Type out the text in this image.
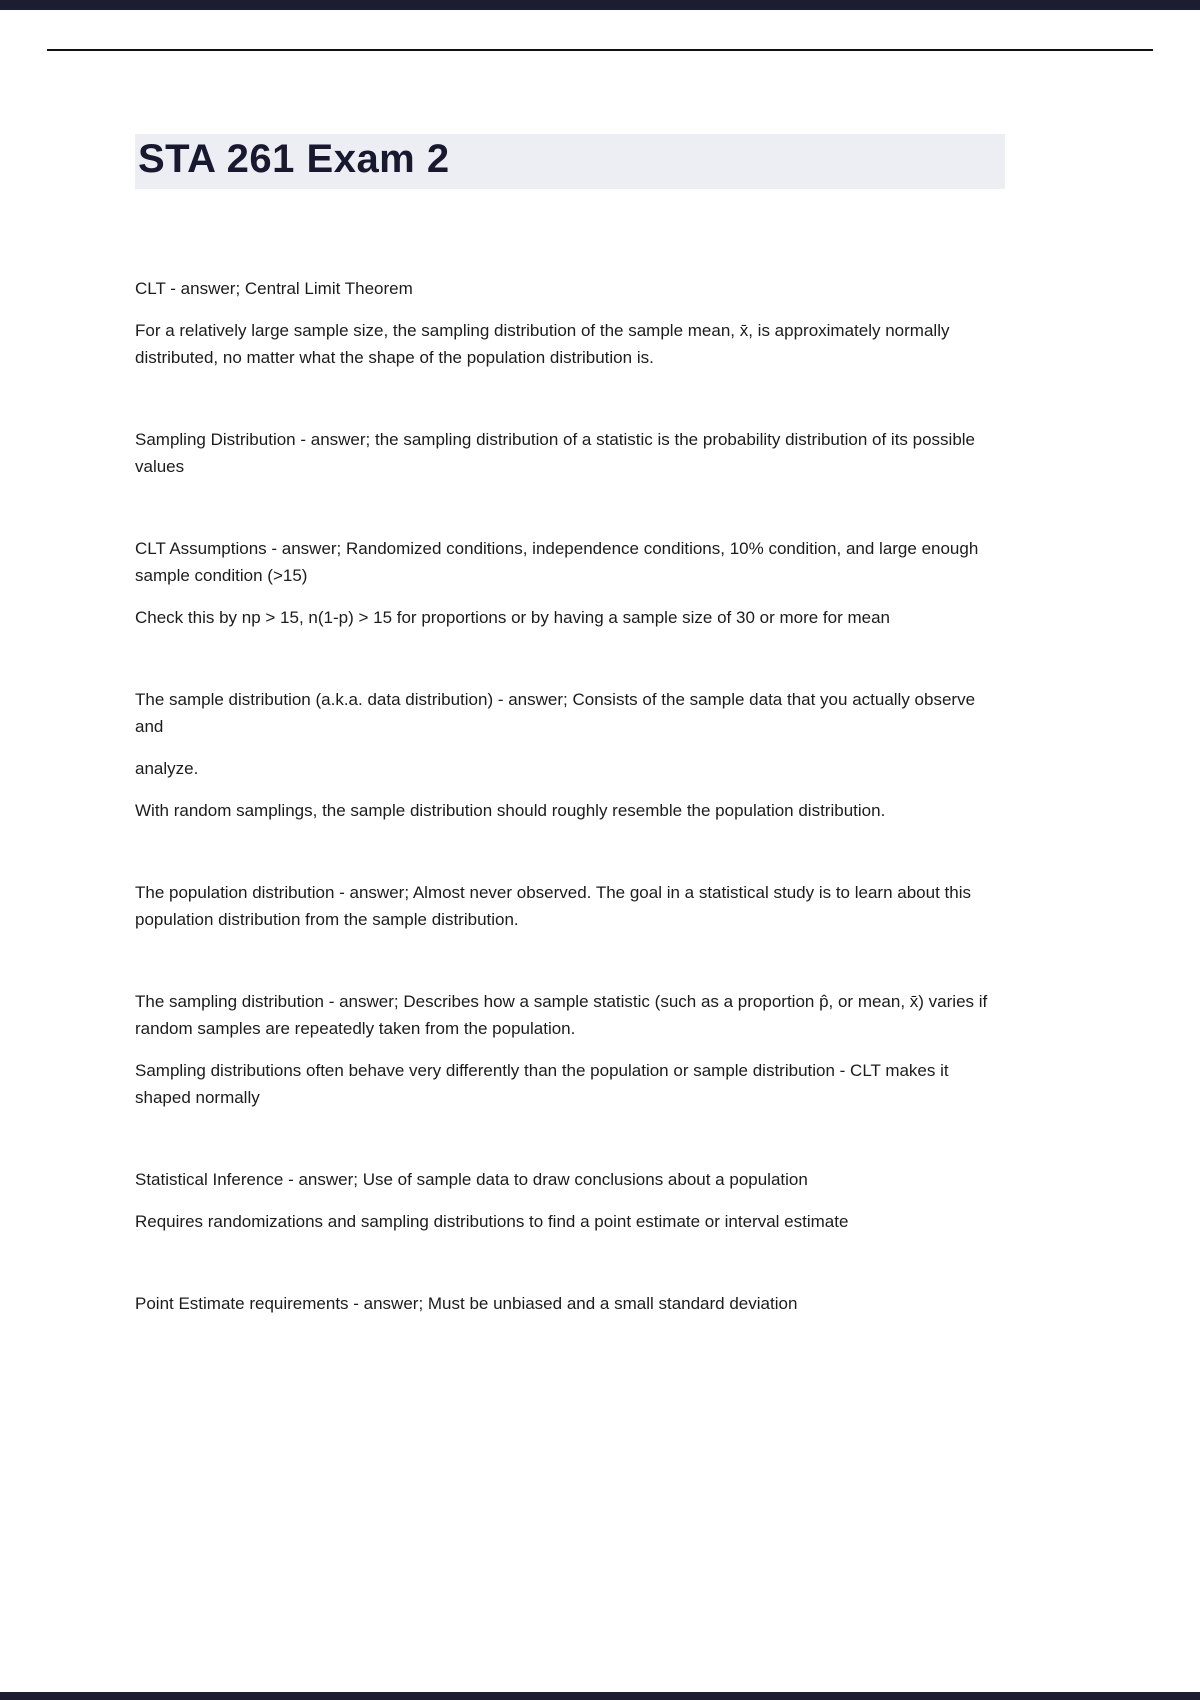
STA 261 Exam 2

CLT - answer; Central Limit Theorem

For a relatively large sample size, the sampling distribution of the sample mean, x̄, is approximately normally distributed, no matter what the shape of the population distribution is.

Sampling Distribution - answer; the sampling distribution of a statistic is the probability distribution of its possible values

CLT Assumptions - answer; Randomized conditions, independence conditions, 10% condition, and large enough sample condition (>15)

Check this by np > 15, n(1-p) > 15 for proportions or by having a sample size of 30 or more for mean

The sample distribution (a.k.a. data distribution) - answer; Consists of the sample data that you actually observe and

analyze.

With random samplings, the sample distribution should roughly resemble the population distribution.

The population distribution - answer; Almost never observed. The goal in a statistical study is to learn about this population distribution from the sample distribution.

The sampling distribution - answer; Describes how a sample statistic (such as a proportion p̂, or mean, x̄) varies if random samples are repeatedly taken from the population.

Sampling distributions often behave very differently than the population or sample distribution - CLT makes it shaped normally

Statistical Inference - answer; Use of sample data to draw conclusions about a population

Requires randomizations and sampling distributions to find a point estimate or interval estimate

Point Estimate requirements - answer; Must be unbiased and a small standard deviation
